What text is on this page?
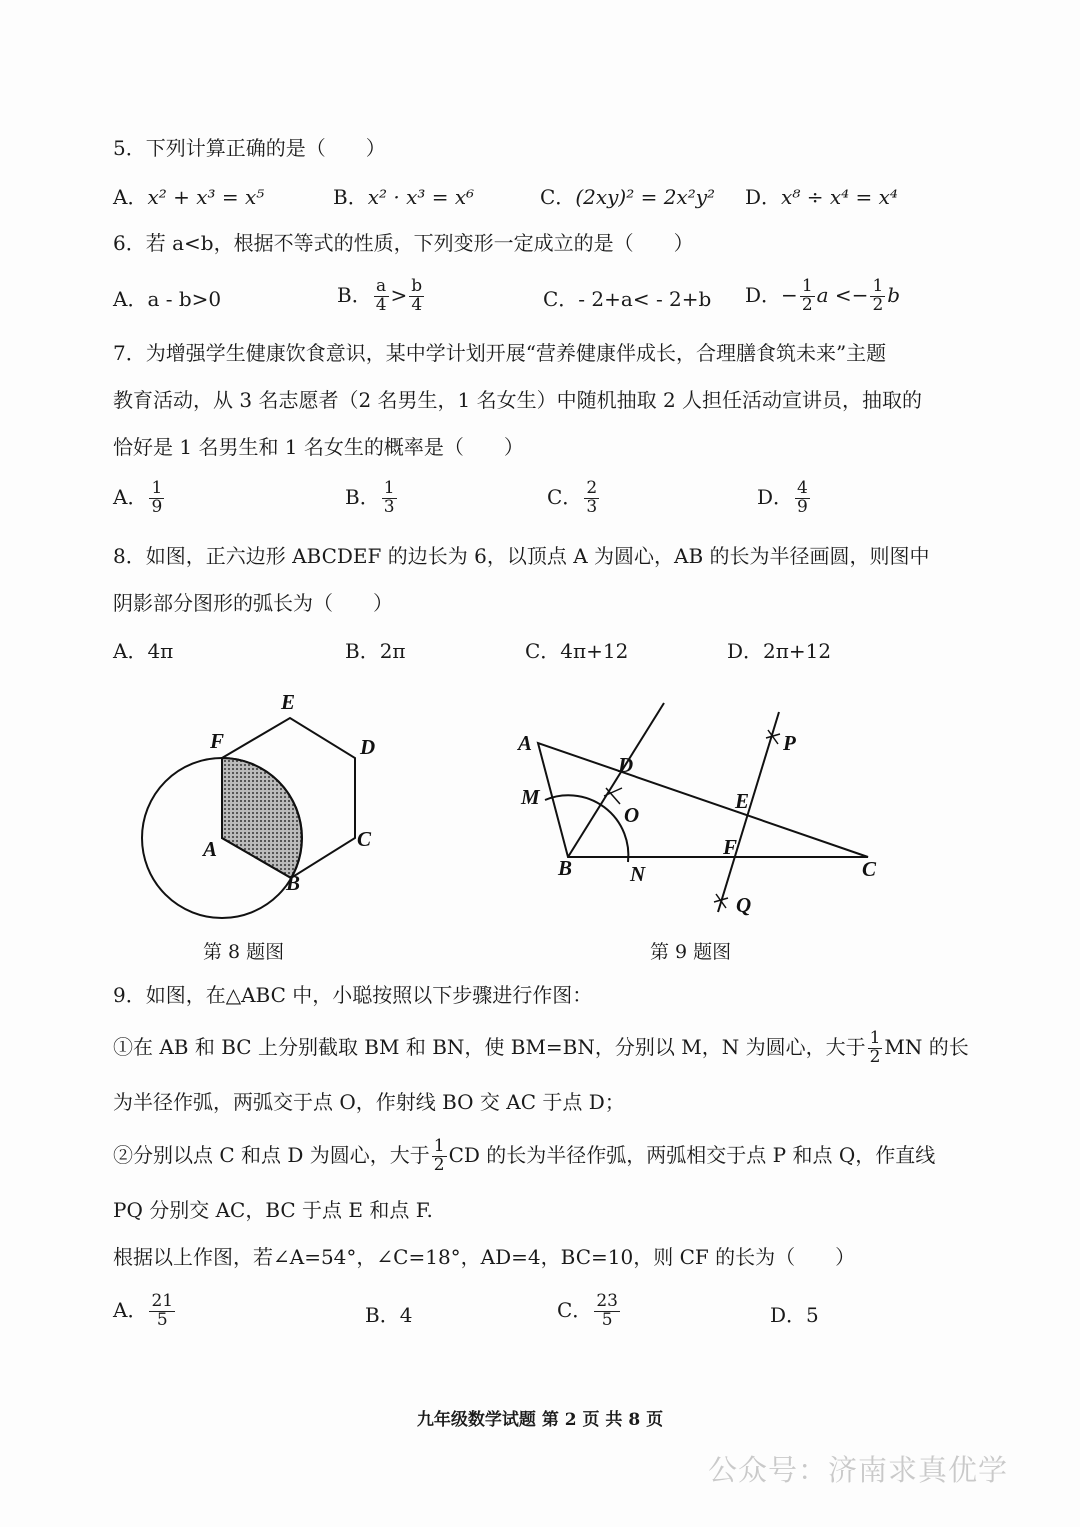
5．下列计算正确的是（　　）
A．x² + x³ = x⁵	B．x² · x³ = x⁶	C．(2xy)² = 2x²y² D．x⁸ ÷ x⁴ = x⁴
6．若 a<b，根据不等式的性质，下列变形一定成立的是（　　）
A．a - b>0	B． $\frac{a}{4} > \frac{b}{4}$	C．- 2+a< - 2+b D．− $\frac{1}{2}$ $a <- \frac{1}{2}$ b
7．为增强学生健康饮食意识，某中学计划开展“营养健康伴成长，合理膳食筑未来”主题
教育活动，从 3 名志愿者（2 名男生，1 名女生）中随机抽取 2 人担任活动宣讲员，抽取的
恰好是 1 名男生和 1 名女生的概率是（　　）
A． $\frac{1}{9}$	B． $\frac{1}{3}$	C． $\frac{2}{3}$	D． $\frac{4}{9}$
8．如图，正六边形 ABCDEF 的边长为 6，以顶点 A 为圆心，AB 的长为半径画圆，则图中
阴影部分图形的弧长为（　　）
A．4π	B．2π	C．4π+12	D．2π+12
A
B
C
D
E
F	A
B	C
D
E
F
M
N
O
P
Q
第 8 题图	第 9 题图
9．如图，在△ABC 中，小聪按照以下步骤进行作图：
①在 AB 和 BC 上分别截取 BM 和 BN，使 BM=BN，分别以 M，N 为圆心，大于 $\frac{1}{2}$ MN 的长
为半径作弧，两弧交于点 O，作射线 BO 交 AC 于点 D；
②分别以点 C 和点 D 为圆心，大于 $\frac{1}{2}$ CD 的长为半径作弧，两弧相交于点 P 和点 Q，作直线
PQ 分别交 AC，BC 于点 E 和点 F.
根据以上作图，若∠A=54°，∠C=18°，AD=4，BC=10，则 CF 的长为（　　）
A． $\frac{21}{5}$	B．4	C． $\frac{23}{5}$	D．5
九年级数学试题 第 2 页 共 8 页
公众号：济南求真优学
